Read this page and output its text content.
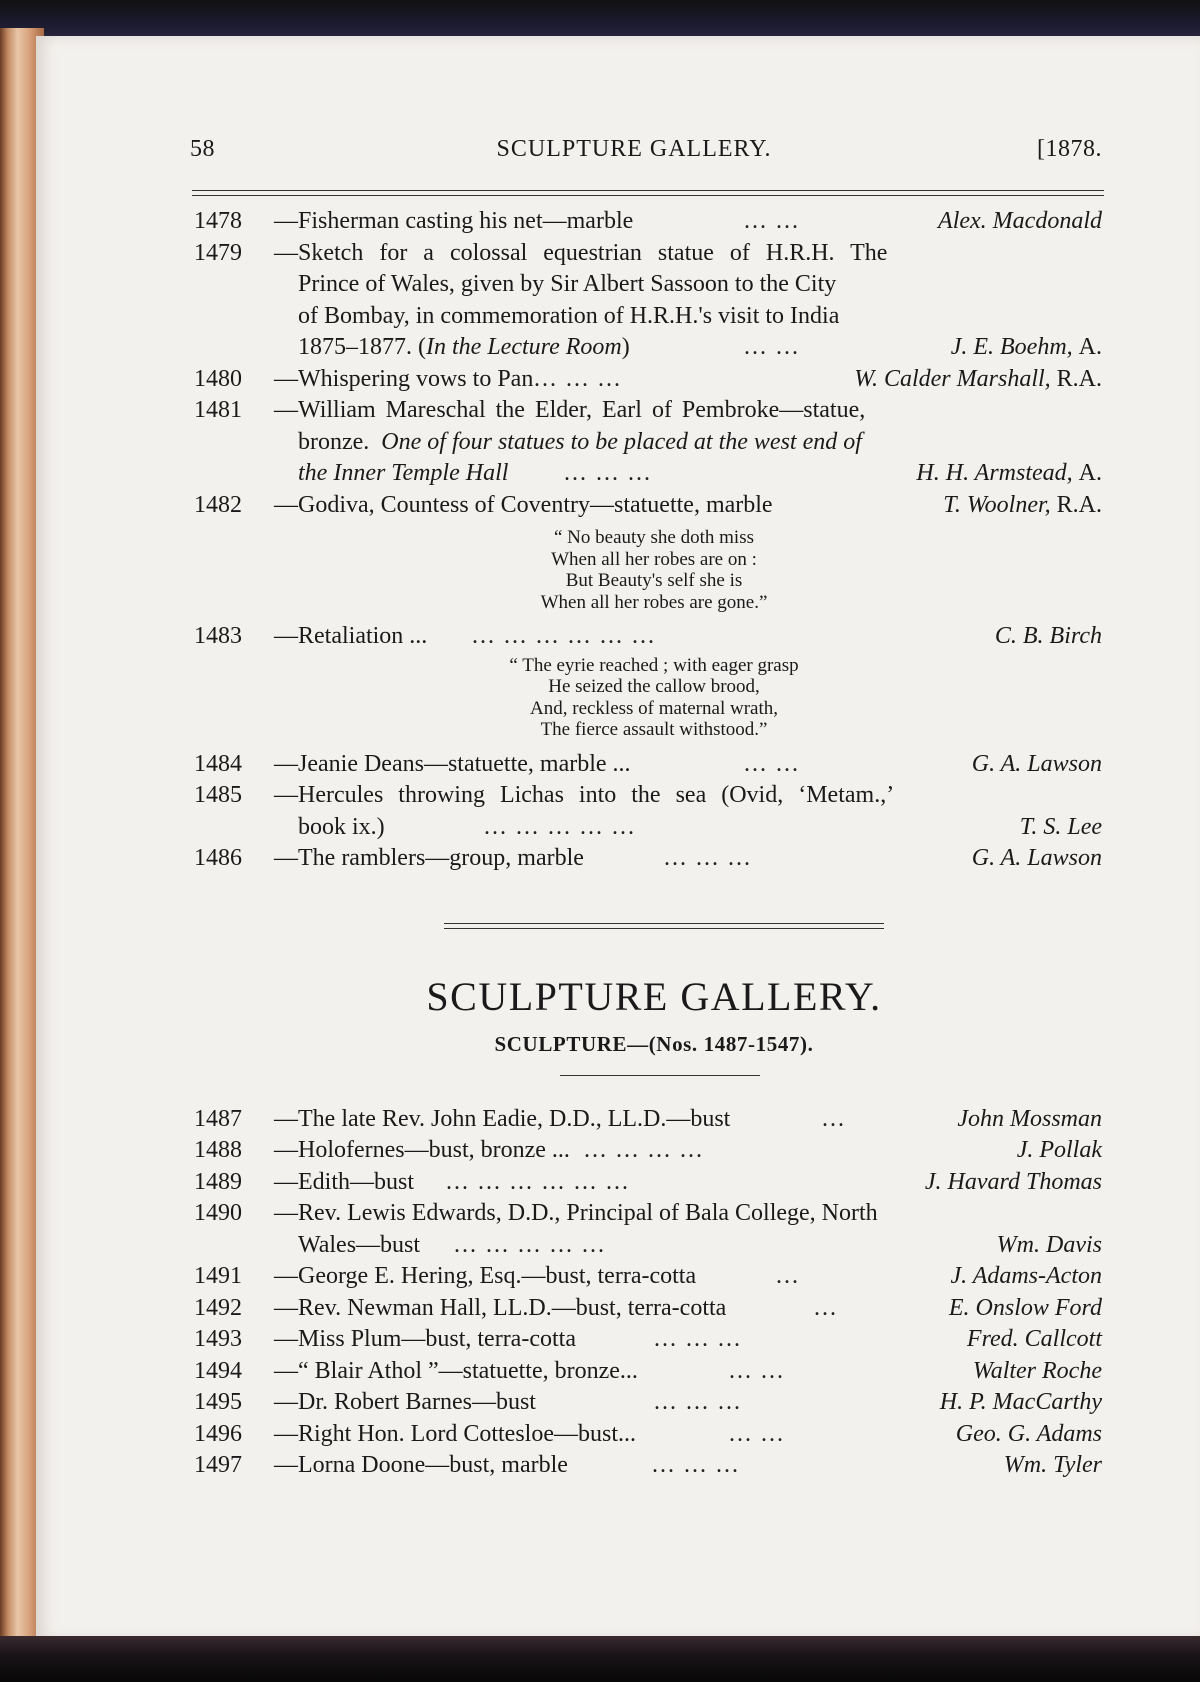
58	SCULPTURE GALLERY.	[1878.
1478 —Fisherman casting his net—marble	... ...	Alex. Macdonald
1479 —Sketch for a colossal equestrian statue of H.R.H. The
Prince of Wales, given by Sir Albert Sassoon to the City
of Bombay, in commemoration of H.R.H.'s visit to India
1875–1877. (In the Lecture Room)	... ...	J. E. Boehm, A.
1480 —Whispering vows to Pan ... ... ...	W. Calder Marshall, R.A.
1481 —William Mareschal the Elder, Earl of Pembroke—statue,
bronze. One of four statues to be placed at the west end of
the Inner Temple Hall ... ... ...	H. H. Armstead, A.
1482 —Godiva, Countess of Coventry—statuette, marble	T. Woolner, R.A.
“ No beauty she doth miss
When all her robes are on :
But Beauty's self she is
When all her robes are gone.”
1483 —Retaliation ... ... ... ... ... ... ...	C. B. Birch
“ The eyrie reached ; with eager grasp
He seized the callow brood,
And, reckless of maternal wrath,
The fierce assault withstood.”
1484 —Jeanie Deans—statuette, marble ...	... ...	G. A. Lawson
1485 —Hercules throwing Lichas into the sea (Ovid, ‘Metam.,’
book ix.)	... ... ... ... ...	T. S. Lee
1486 —The ramblers—group, marble	... ... ...	G. A. Lawson
SCULPTURE GALLERY.
SCULPTURE—(Nos. 1487-1547).
1487 —The late Rev. John Eadie, D.D., LL.D.—bust	...	John Mossman
1488 —Holofernes—bust, bronze ... ... ... ... ...	J. Pollak
1489 —Edith—bust ... ... ... ... ... ...	J. Havard Thomas
1490 —Rev. Lewis Edwards, D.D., Principal of Bala College, North
Wales—bust ... ... ... ... ...	Wm. Davis
1491 —George E. Hering, Esq.—bust, terra-cotta	...	J. Adams-Acton
1492 —Rev. Newman Hall, LL.D.—bust, terra-cotta	...	E. Onslow Ford
1493 —Miss Plum—bust, terra-cotta	... ... ...	Fred. Callcott
1494 —“ Blair Athol ”—statuette, bronze...	... ...	Walter Roche
1495 —Dr. Robert Barnes—bust	... ... ...	H. P. MacCarthy
1496 —Right Hon. Lord Cottesloe—bust...	... ...	Geo. G. Adams
1497 —Lorna Doone—bust, marble	... ... ...	Wm. Tyler
